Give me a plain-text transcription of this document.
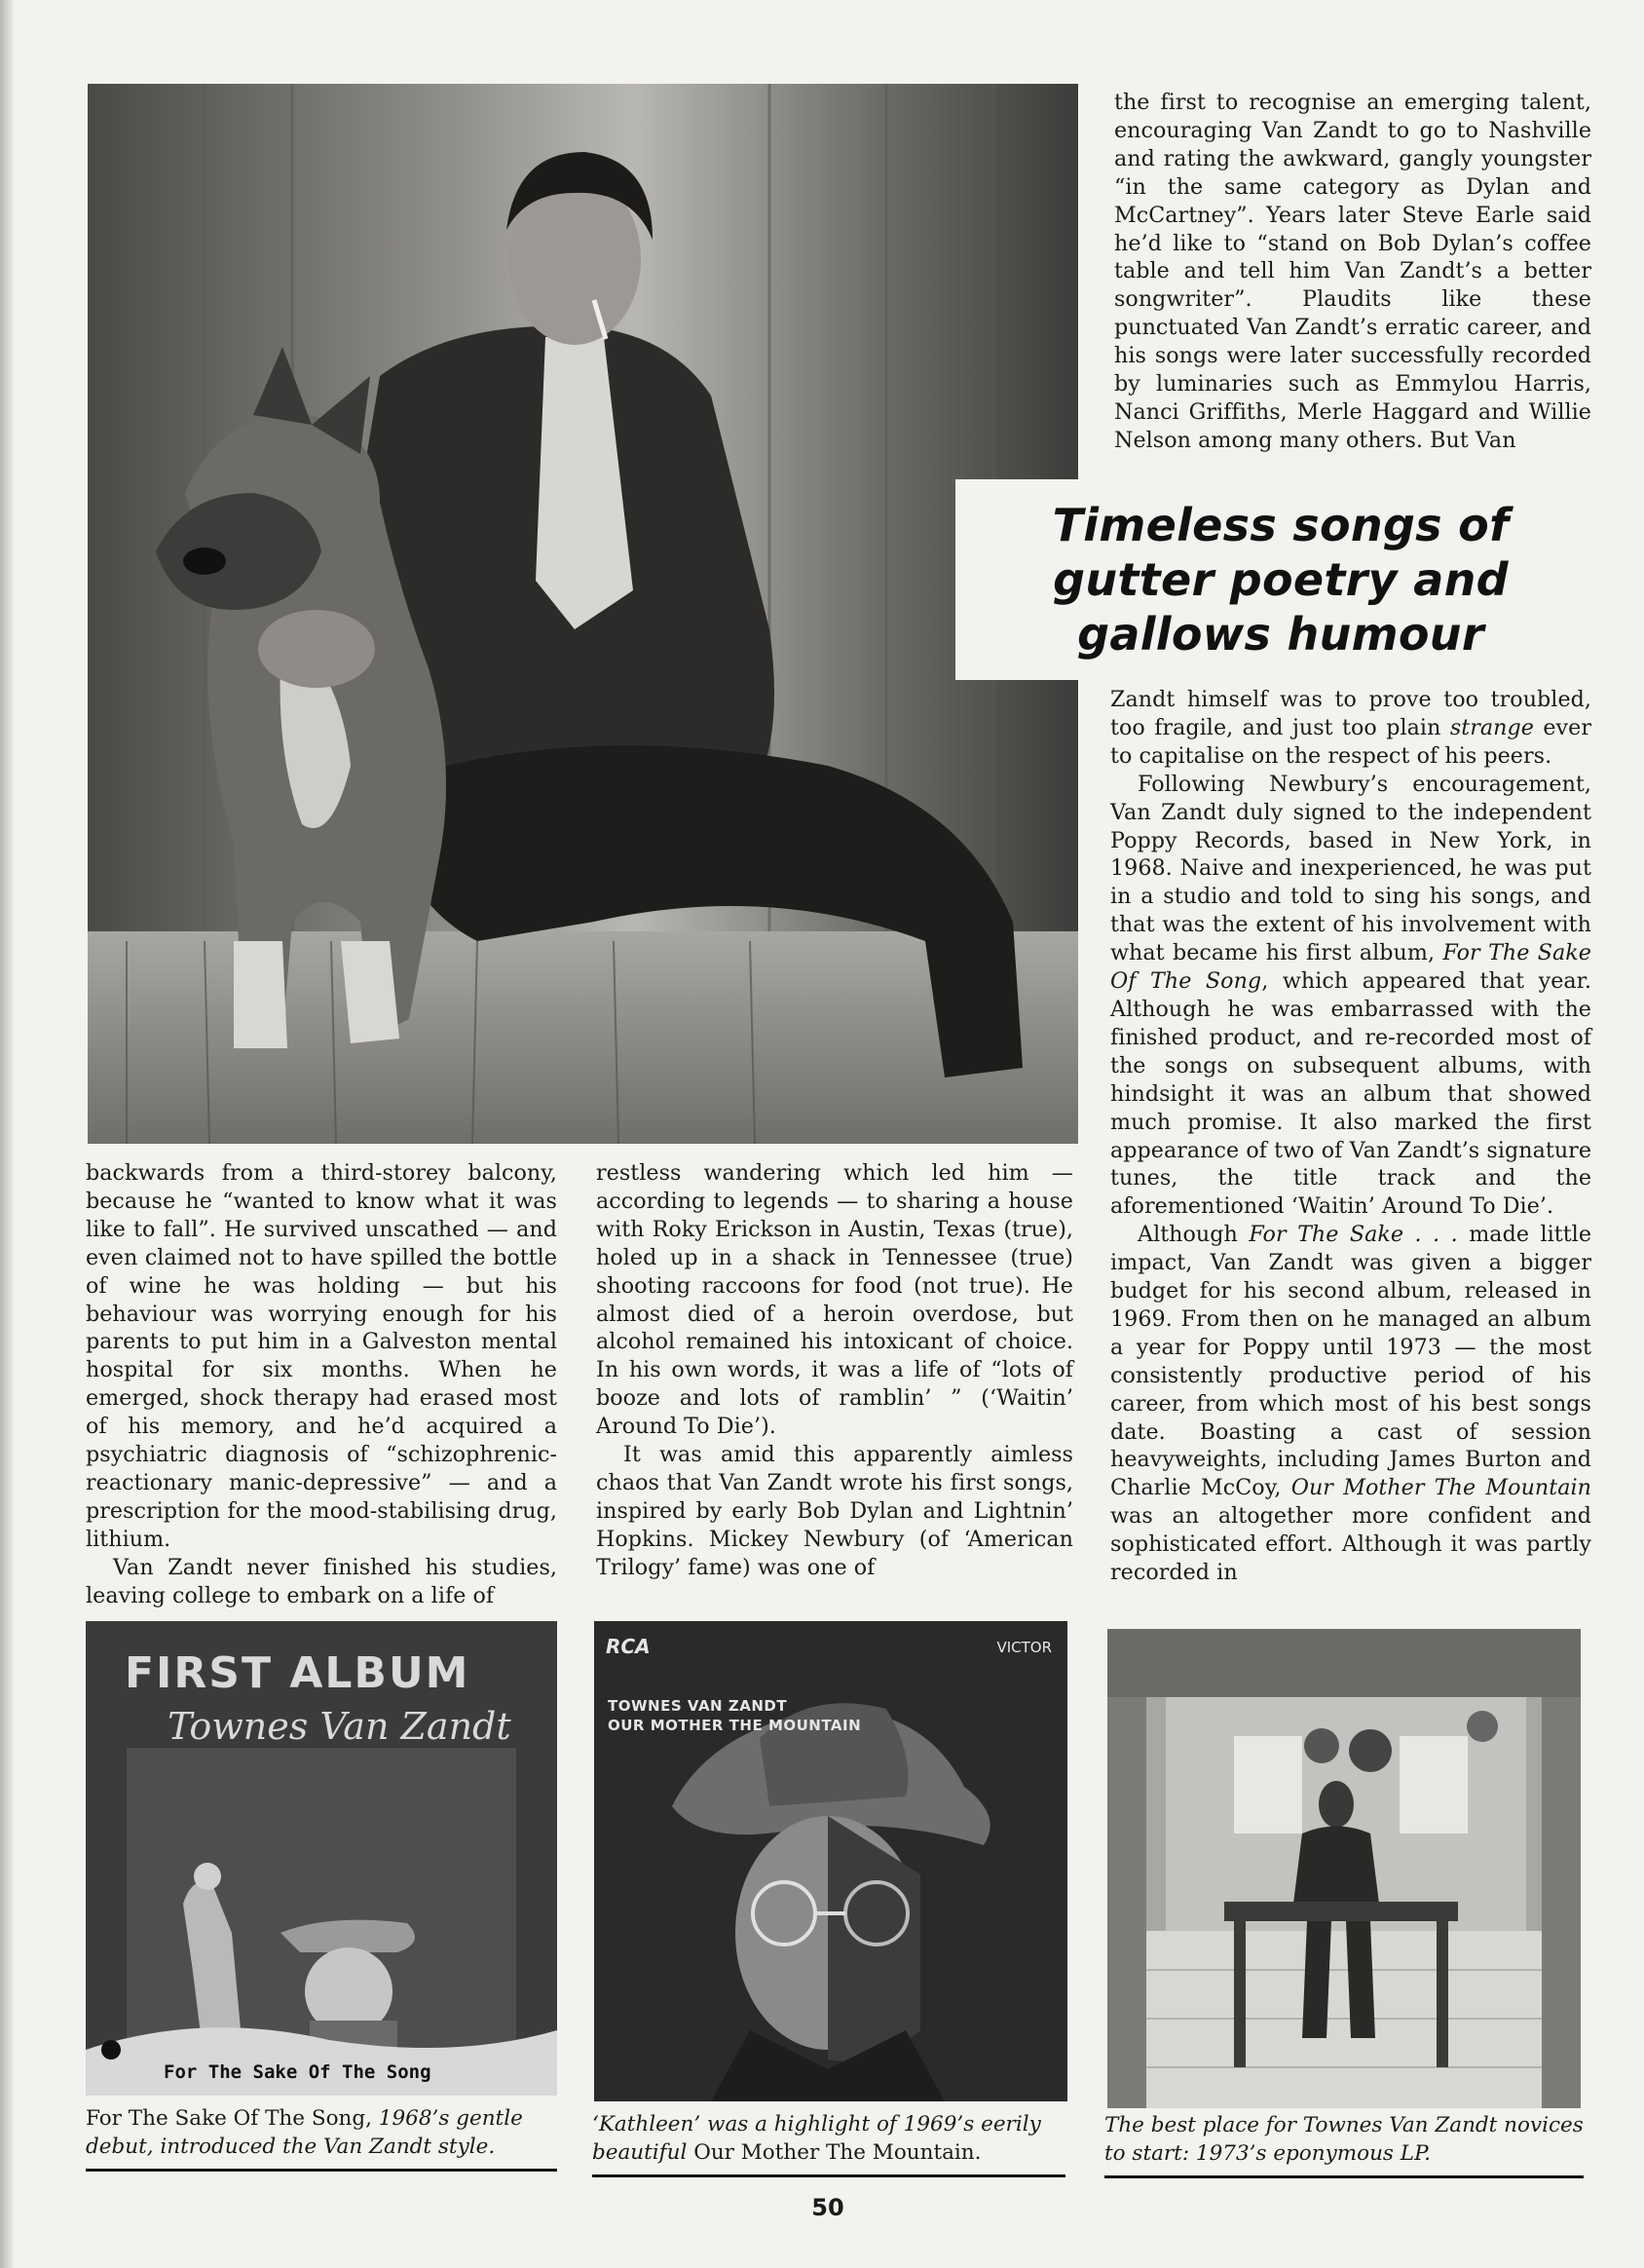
the first to recognise an emerging talent, encouraging Van Zandt to go to Nashville and rating the awkward, gangly youngster “in the same category as Dylan and McCartney”. Years later Steve Earle said he’d like to “stand on Bob Dylan’s coffee table and tell him Van Zandt’s a better songwriter”. Plaudits like these punctuated Van Zandt’s erratic career, and his songs were later successfully recorded by luminaries such as Emmylou Harris, Nanci Griffiths, Merle Haggard and Willie Nelson among many others. But Van

Timeless songs of
gutter poetry and
gallows humour

Zandt himself was to prove too troubled, too fragile, and just too plain strange ever to capitalise on the respect of his peers.

Following Newbury’s encouragement, Van Zandt duly signed to the independent Poppy Records, based in New York, in 1968. Naive and inexperienced, he was put in a studio and told to sing his songs, and that was the extent of his involvement with what became his first album, For The Sake Of The Song, which appeared that year. Although he was embarrassed with the finished product, and re-recorded most of the songs on subsequent albums, with hindsight it was an album that showed much promise. It also marked the first appearance of two of Van Zandt’s signature tunes, the title track and the aforementioned ‘Waitin’ Around To Die’.

Although For The Sake . . . made little impact, Van Zandt was given a bigger budget for his second album, released in 1969. From then on he managed an album a year for Poppy until 1973 — the most consistently productive period of his career, from which most of his best songs date. Boasting a cast of session heavyweights, including James Burton and Charlie McCoy, Our Mother The Mountain was an altogether more confident and sophisticated effort. Although it was partly recorded in

backwards from a third-storey balcony, because he “wanted to know what it was like to fall”. He survived unscathed — and even claimed not to have spilled the bottle of wine he was holding — but his behaviour was worrying enough for his parents to put him in a Galveston mental hospital for six months. When he emerged, shock therapy had erased most of his memory, and he’d acquired a psychiatric diagnosis of “schizophrenic-reactionary manic-depressive” — and a prescription for the mood-stabilising drug, lithium.

Van Zandt never finished his studies, leaving college to embark on a life of

restless wandering which led him — according to legends — to sharing a house with Roky Erickson in Austin, Texas (true), holed up in a shack in Tennessee (true) shooting raccoons for food (not true). He almost died of a heroin overdose, but alcohol remained his intoxicant of choice. In his own words, it was a life of “lots of booze and lots of ramblin’ ” (‘Waitin’ Around To Die’).

It was amid this apparently aimless chaos that Van Zandt wrote his first songs, inspired by early Bob Dylan and Lightnin’ Hopkins. Mickey Newbury (of ‘American Trilogy’ fame) was one of

FIRST ALBUM
Townes Van Zandt
For The Sake Of The Song
For The Sake Of The Song, 1968’s gentle debut, introduced the Van Zandt style.
RCA	VICTOR
TOWNES VAN ZANDT
OUR MOTHER THE MOUNTAIN
‘Kathleen’ was a highlight of 1969’s eerily beautiful Our Mother The Mountain.
The best place for Townes Van Zandt novices to start: 1973’s eponymous LP.
50
